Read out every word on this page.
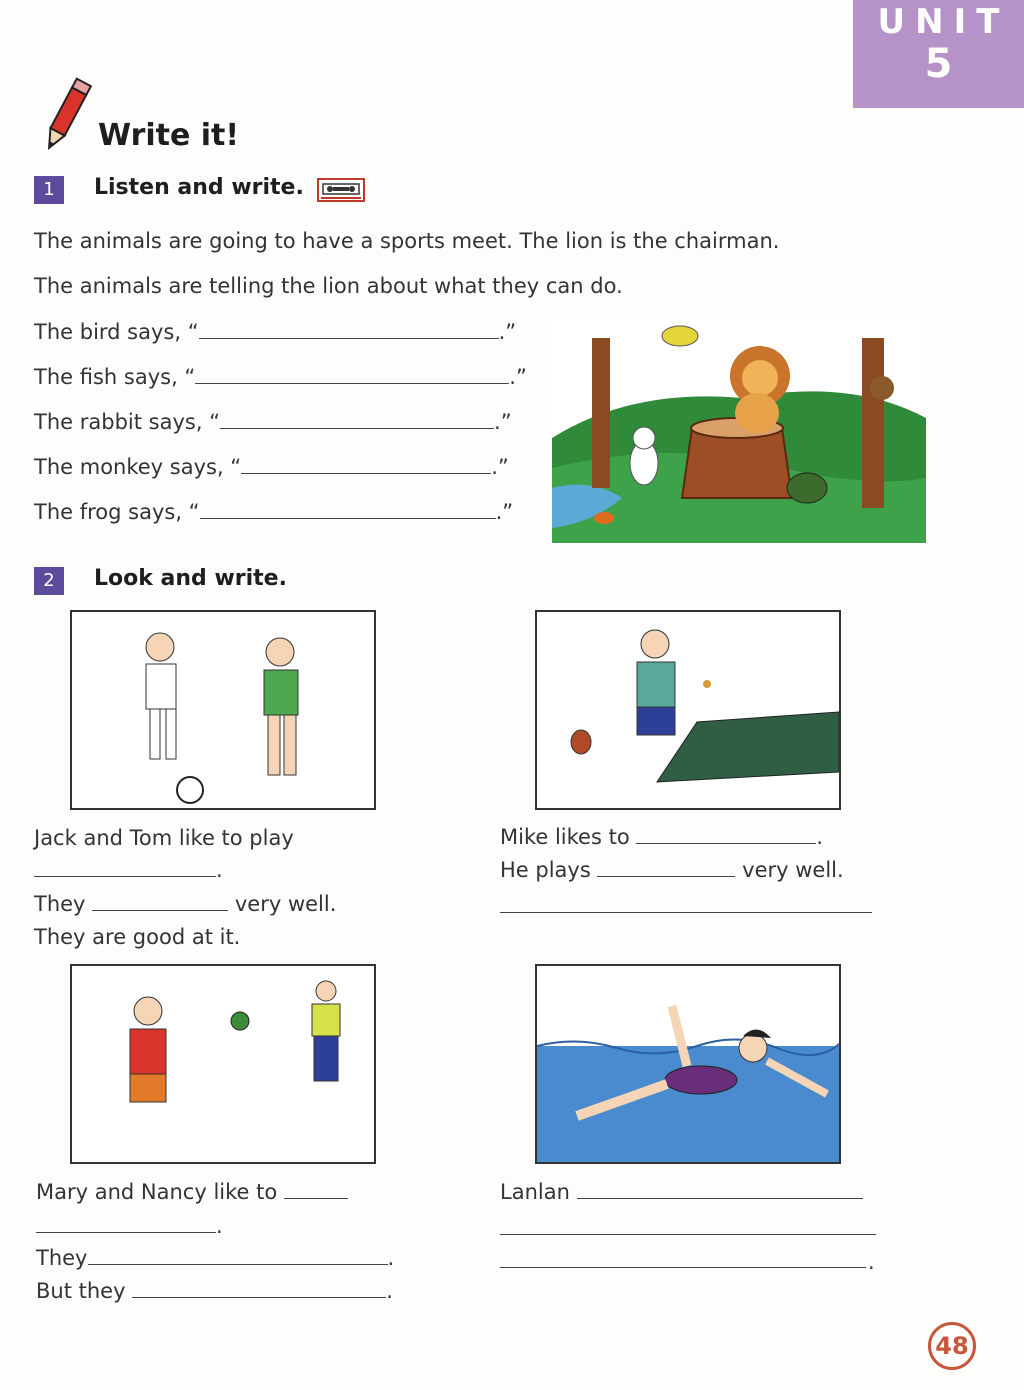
UNIT
5
Write it!
1	Listen and write.
The animals are going to have a sports meet. The lion is the chairman.
The animals are telling the lion about what they can do.
The bird says, “	.”
The fish says, “	.”
The rabbit says, “	.”
The monkey says, “	.”
The frog says, “	.”
2	Look and write.
Jack and Tom like to play
.
They	very well.
They are good at it.
Mike likes to	.
He plays	very well.
Mary and Nancy like to
.
They	.
But they	.
Lanlan
.
48
